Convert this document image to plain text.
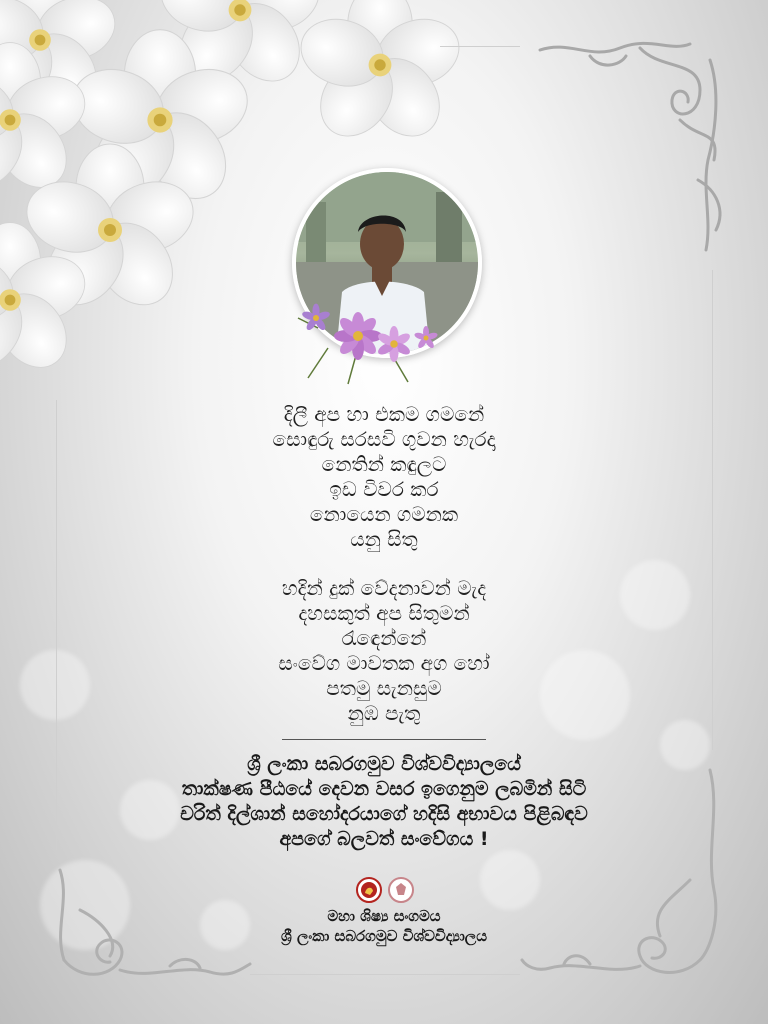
දිලී අප හා එකම ගමනේ
සොඳුරු සරසවි ගුවන හැරදා
නෙතින් කඳුලට
ඉඩ විවර කර
නොයෙන ගමනක
යනු සිතු
හදින් දුක් වේදනාවන් මැද
දහසකුත් අප සිතුමන්
රැඳෙන්නේ
සංවේග මාවතක අග හෝ
පතමු සැනසුම
නුඹ පැතු
ශ්‍රී ලංකා සබරගමුව විශ්වවිද්‍යාලයේ
තාක්ෂණ පීඨයේ දෙවන වසර ඉගෙනුම ලබමින් සිටි
චරිත් දිල්ශාන් සහෝදරයාගේ හදිසි අභාවය පිළිබඳව
අපගේ බලවත් සංවේගය !
මහා ශිෂ්‍ය සංගමය
ශ්‍රී ලංකා සබරගමුව විශ්වවිද්‍යාලය
